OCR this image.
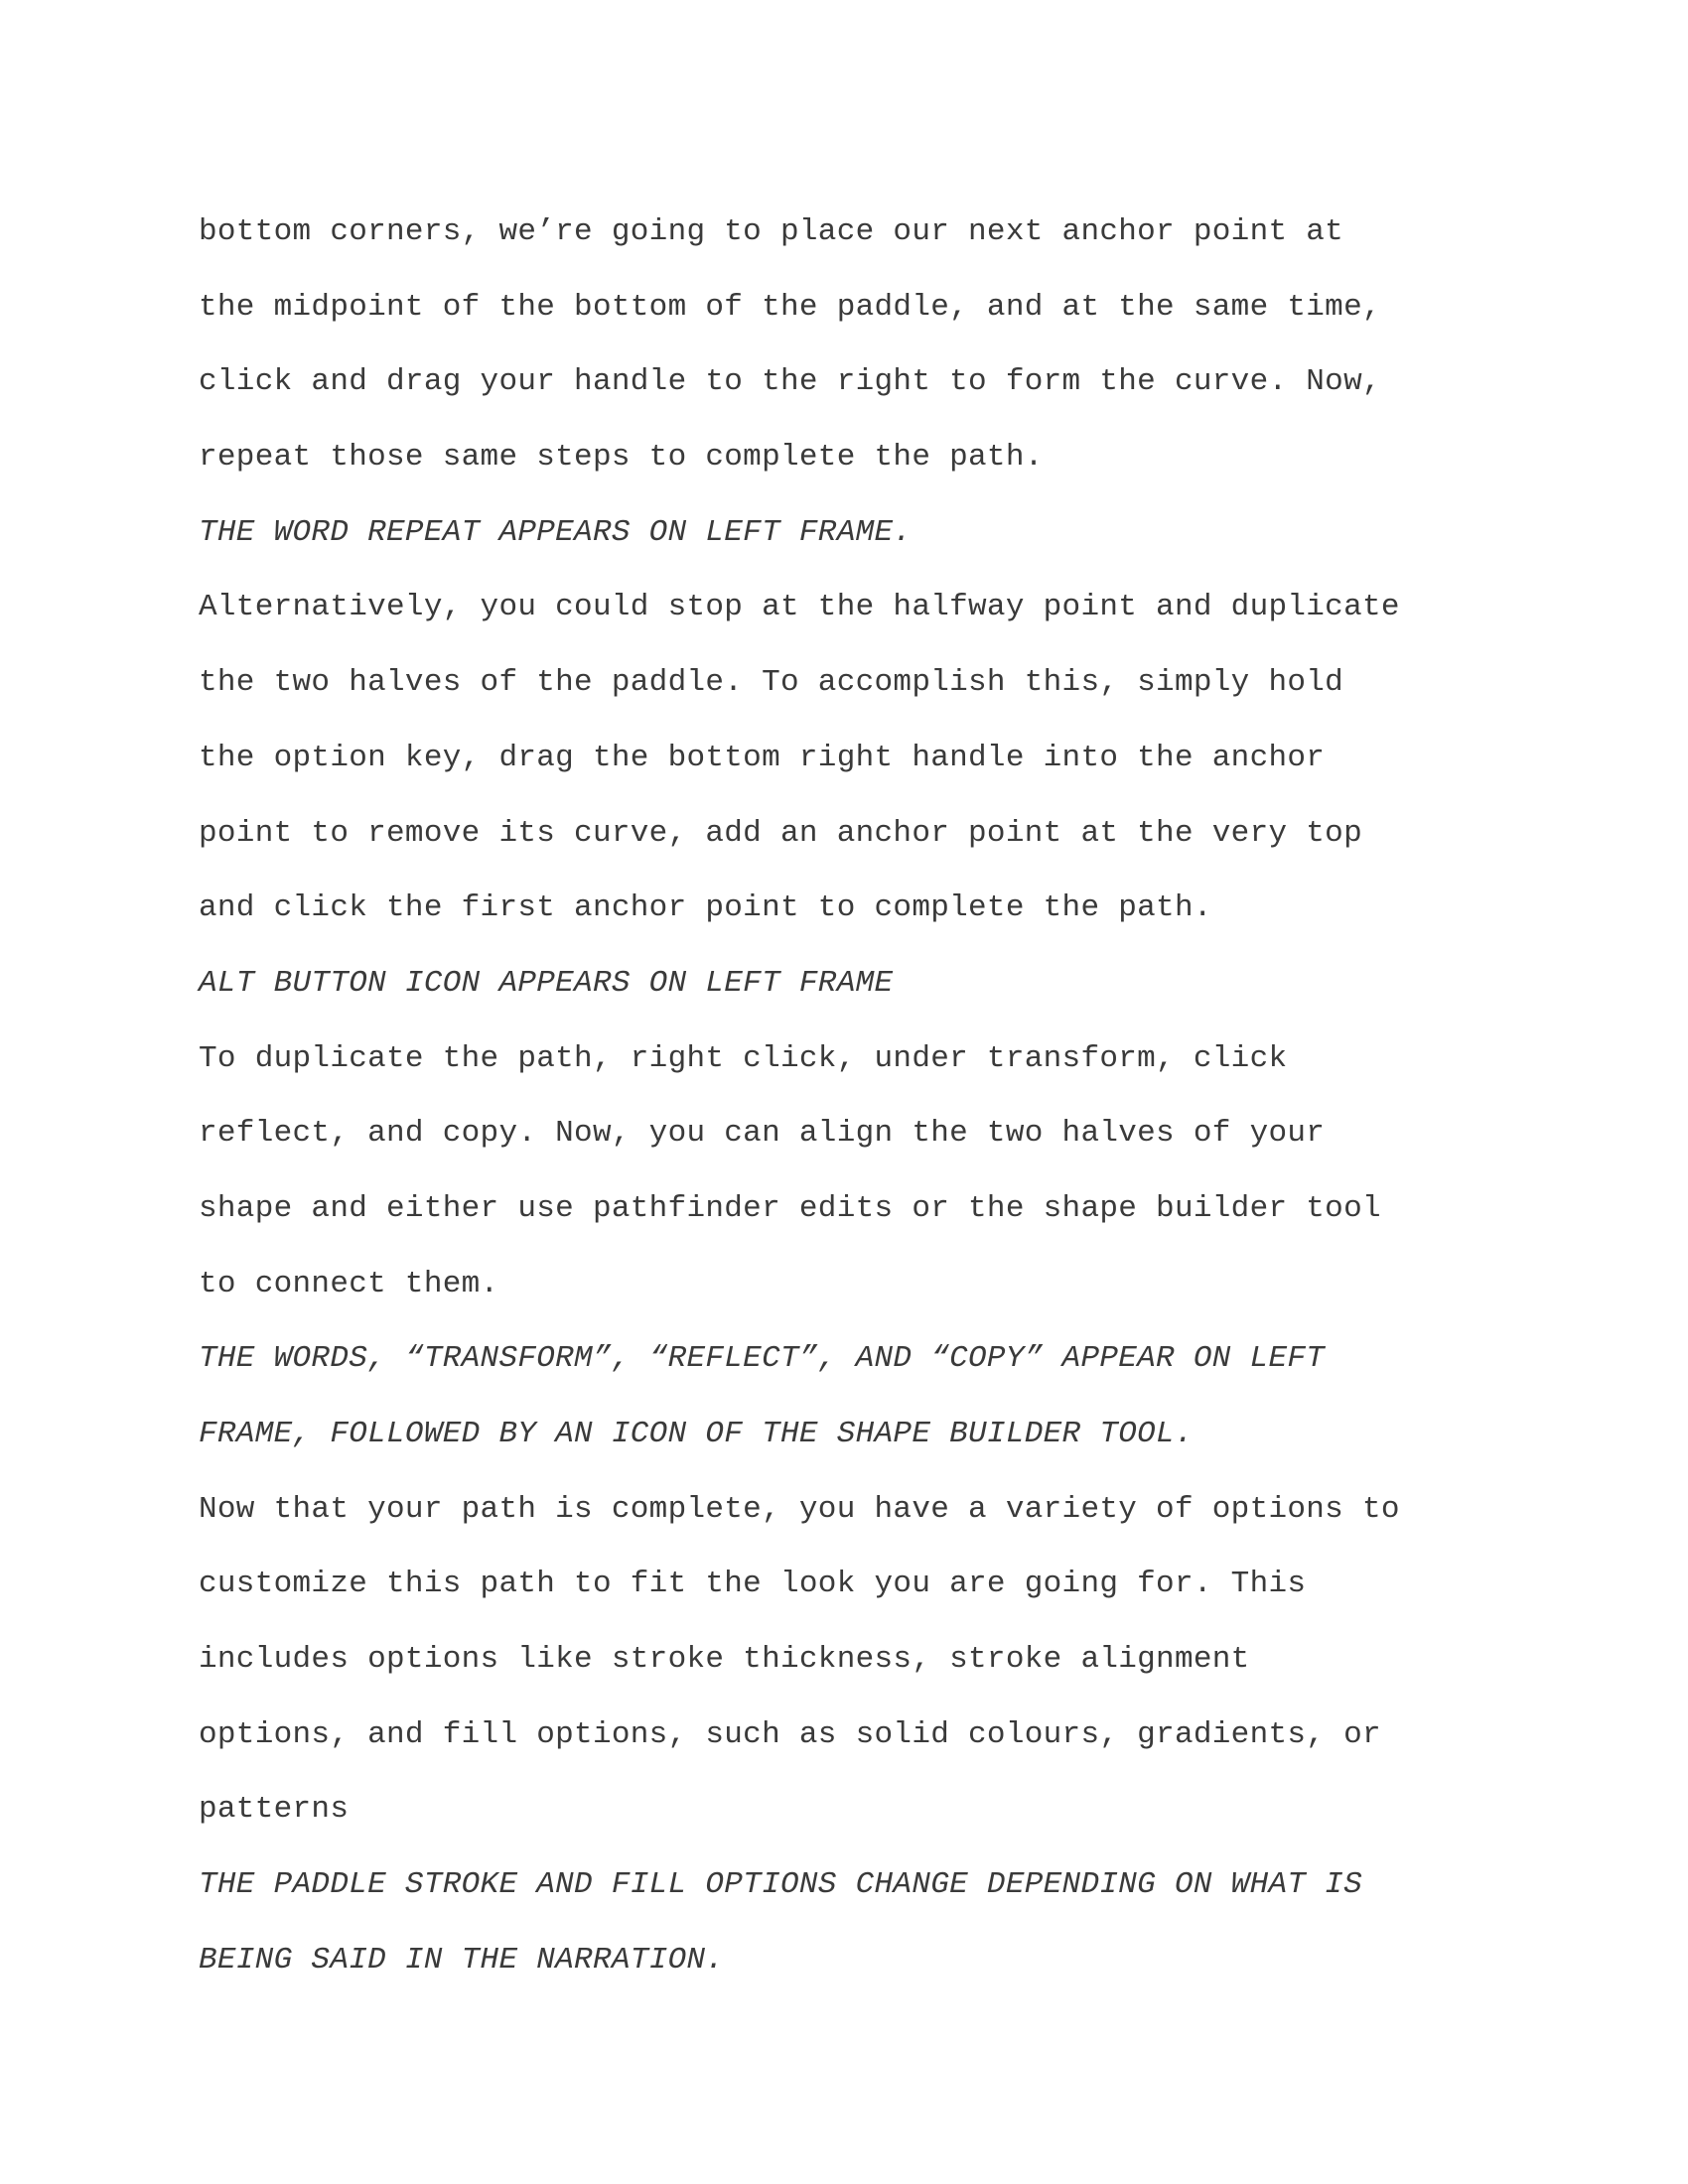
bottom corners, we’re going to place our next anchor point at
the midpoint of the bottom of the paddle, and at the same time,
click and drag your handle to the right to form the curve. Now,
repeat those same steps to complete the path.
THE WORD REPEAT APPEARS ON LEFT FRAME.
Alternatively, you could stop at the halfway point and duplicate
the two halves of the paddle. To accomplish this, simply hold
the option key, drag the bottom right handle into the anchor
point to remove its curve, add an anchor point at the very top
and click the first anchor point to complete the path.
ALT BUTTON ICON APPEARS ON LEFT FRAME
To duplicate the path, right click, under transform, click
reflect, and copy. Now, you can align the two halves of your
shape and either use pathfinder edits or the shape builder tool
to connect them.
THE WORDS, “TRANSFORM”, “REFLECT”, AND “COPY” APPEAR ON LEFT
FRAME, FOLLOWED BY AN ICON OF THE SHAPE BUILDER TOOL.
Now that your path is complete, you have a variety of options to
customize this path to fit the look you are going for. This
includes options like stroke thickness, stroke alignment
options, and fill options, such as solid colours, gradients, or
patterns
THE PADDLE STROKE AND FILL OPTIONS CHANGE DEPENDING ON WHAT IS
BEING SAID IN THE NARRATION.
